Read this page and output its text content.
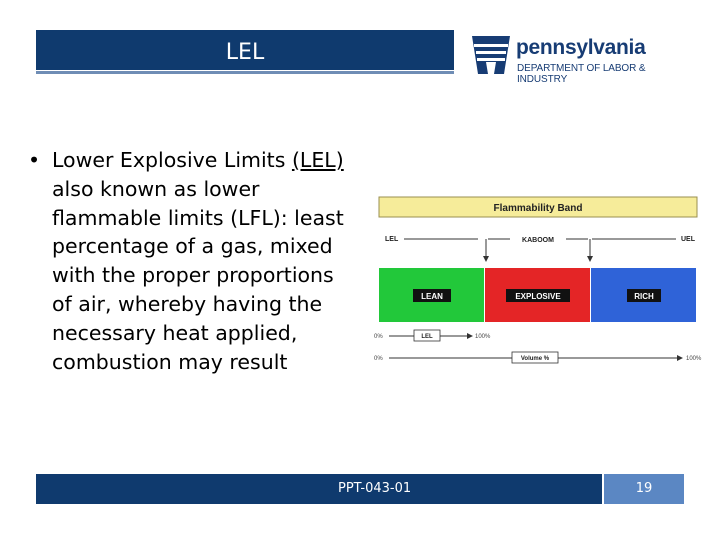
LEL	pennsylvania
DEPARTMENT OF LABOR & INDUSTRY
• Lower Explosive Limits (LEL) also known as lower flammable limits (LFL): least percentage of a gas, mixed with the proper proportions of air, whereby having the necessary heat applied, combustion may result
Flammability Band
LEL	UEL
KABOOM
LEAN	EXPLOSIVE	RICH
0%	LEL	100%
0%	Volume %	100%
PPT-043-01	19
